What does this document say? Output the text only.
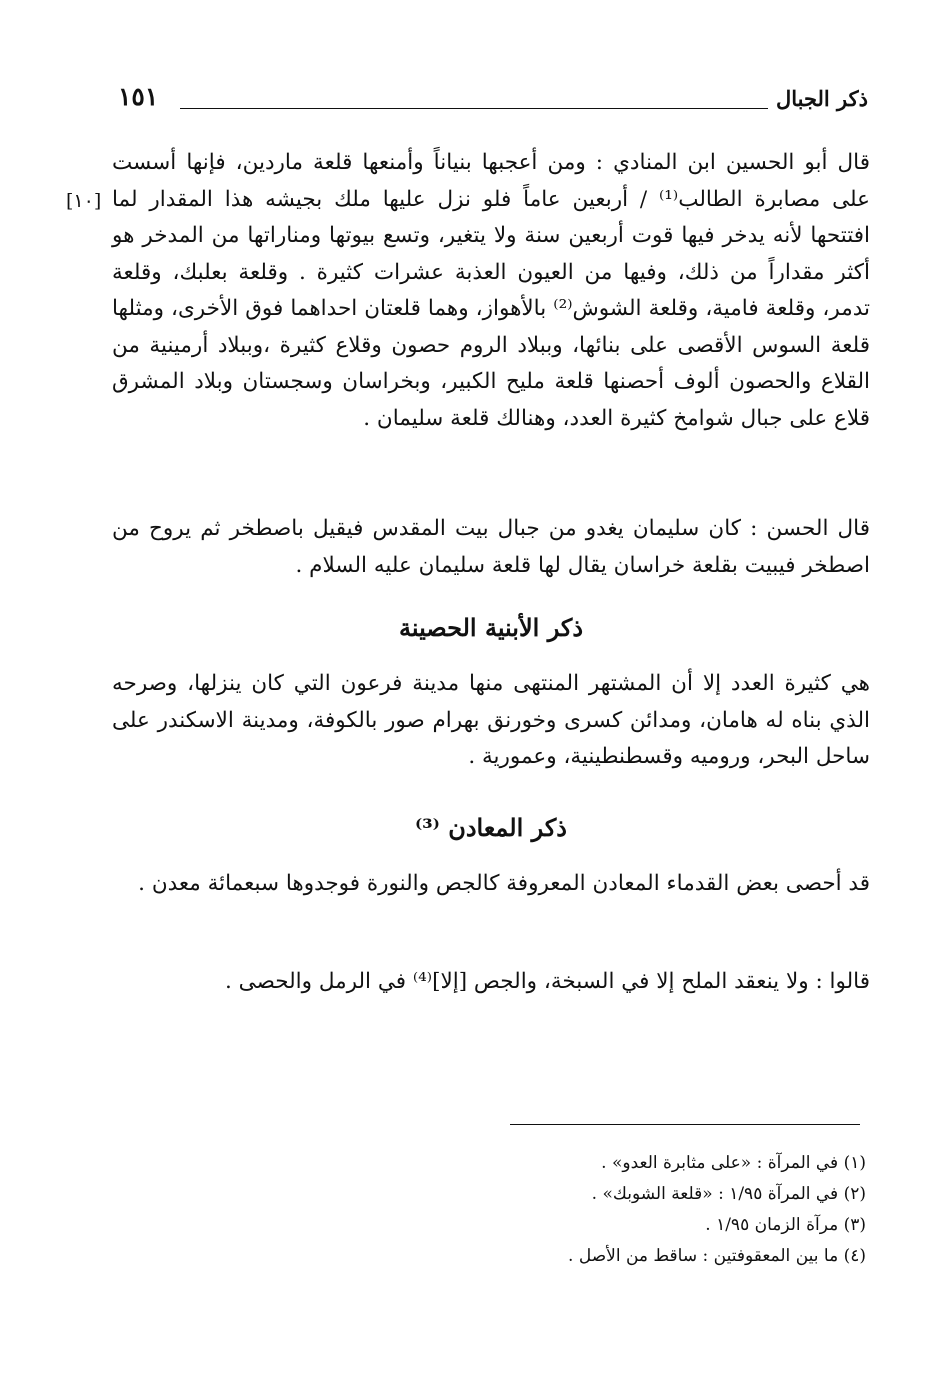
ذكر الجبال
١٥١
[١٠]

قال أبو الحسين ابن المنادي : ومن أعجبها بنياناً وأمنعها قلعة ماردين، فإنها أسست على مصابرة الطالب⁽¹⁾ / أربعين عاماً فلو نزل عليها ملك بجيشه هذا المقدار لما افتتحها لأنه يدخر فيها قوت أربعين سنة ولا يتغير، وتسع بيوتها ومناراتها من المدخر هو أكثر مقداراً من ذلك، وفيها من العيون العذبة عشرات كثيرة . وقلعة بعلبك، وقلعة تدمر، وقلعة فامية، وقلعة الشوش⁽²⁾ بالأهواز، وهما قلعتان احداهما فوق الأخرى، ومثلها قلعة السوس الأقصى على بنائها، وببلاد الروم حصون وقلاع كثيرة ،وببلاد أرمينية من القلاع والحصون ألوف أحصنها قلعة مليح الكبير، وبخراسان وسجستان وبلاد المشرق قلاع على جبال شوامخ كثيرة العدد، وهنالك قلعة سليمان .

قال الحسن : كان سليمان يغدو من جبال بيت المقدس فيقيل باصطخر ثم يروح من اصطخر فيبيت بقلعة خراسان يقال لها قلعة سليمان عليه السلام .

ذكر الأبنية الحصينة

هي كثيرة العدد إلا أن المشتهر المنتهى منها مدينة فرعون التي كان ينزلها، وصرحه الذي بناه له هامان، ومدائن كسرى وخورنق بهرام صور بالكوفة، ومدينة الاسكندر على ساحل البحر، وروميه وقسطنطينية، وعمورية .

ذكر المعادن ⁽³⁾

قد أحصى بعض القدماء المعادن المعروفة كالجص والنورة فوجدوها سبعمائة معدن .

قالوا : ولا ينعقد الملح إلا في السبخة، والجص [إلا]⁽⁴⁾ في الرمل والحصى .

(١) في المرآة : «على مثابرة العدو» .
(٢) في المرآة ١/٩٥ : «قلعة الشوبك» .
(٣) مرآة الزمان ١/٩٥ .
(٤) ما بين المعقوفتين : ساقط من الأصل .
